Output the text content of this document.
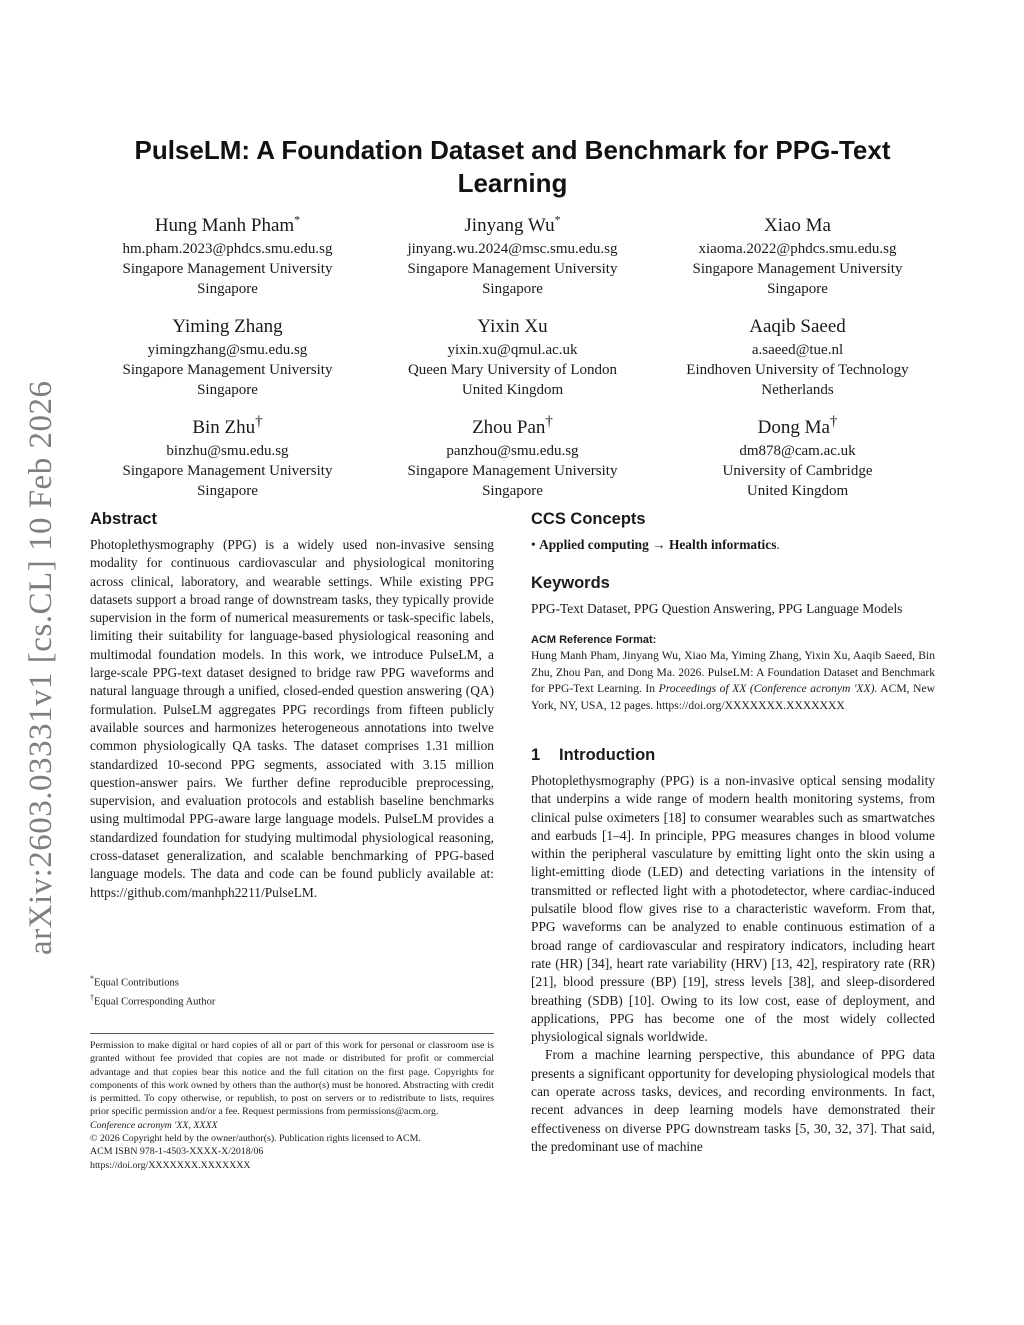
arXiv:2603.03331v1 [cs.CL] 10 Feb 2026
PulseLM: A Foundation Dataset and Benchmark for PPG-Text Learning
Hung Manh Pham*
hm.pham.2023@phdcs.smu.edu.sg
Singapore Management University
Singapore
Jinyang Wu*
jinyang.wu.2024@msc.smu.edu.sg
Singapore Management University
Singapore
Xiao Ma
xiaoma.2022@phdcs.smu.edu.sg
Singapore Management University
Singapore
Yiming Zhang
yimingzhang@smu.edu.sg
Singapore Management University
Singapore
Yixin Xu
yixin.xu@qmul.ac.uk
Queen Mary University of London
United Kingdom
Aaqib Saeed
a.saeed@tue.nl
Eindhoven University of Technology
Netherlands
Bin Zhu†
binzhu@smu.edu.sg
Singapore Management University
Singapore
Zhou Pan†
panzhou@smu.edu.sg
Singapore Management University
Singapore
Dong Ma†
dm878@cam.ac.uk
University of Cambridge
United Kingdom
Abstract

Photoplethysmography (PPG) is a widely used non-invasive sensing modality for continuous cardiovascular and physiological monitoring across clinical, laboratory, and wearable settings. While existing PPG datasets support a broad range of downstream tasks, they typically provide supervision in the form of numerical measurements or task-specific labels, limiting their suitability for language-based physiological reasoning and multimodal foundation models. In this work, we introduce PulseLM, a large-scale PPG-text dataset designed to bridge raw PPG waveforms and natural language through a unified, closed-ended question answering (QA) formulation. PulseLM aggregates PPG recordings from fifteen publicly available sources and harmonizes heterogeneous annotations into twelve common physiologically QA tasks. The dataset comprises 1.31 million standardized 10-second PPG segments, associated with 3.15 million question-answer pairs. We further define reproducible preprocessing, supervision, and evaluation protocols and establish baseline benchmarks using multimodal PPG-aware large language models. PulseLM provides a standardized foundation for studying multimodal physiological reasoning, cross-dataset generalization, and scalable benchmarking of PPG-based language models. The data and code can be found publicly available at: https://github.com/manhph2211/PulseLM.

*Equal Contributions
†Equal Corresponding Author
Permission to make digital or hard copies of all or part of this work for personal or classroom use is granted without fee provided that copies are not made or distributed for profit or commercial advantage and that copies bear this notice and the full citation on the first page. Copyrights for components of this work owned by others than the author(s) must be honored. Abstracting with credit is permitted. To copy otherwise, or republish, to post on servers or to redistribute to lists, requires prior specific permission and/or a fee. Request permissions from permissions@acm.org.
Conference acronym 'XX, XXXX
© 2026 Copyright held by the owner/author(s). Publication rights licensed to ACM.
ACM ISBN 978-1-4503-XXXX-X/2018/06
https://doi.org/XXXXXXX.XXXXXXX
CCS Concepts
• Applied computing → Health informatics.
Keywords
PPG-Text Dataset, PPG Question Answering, PPG Language Models
ACM Reference Format:
Hung Manh Pham, Jinyang Wu, Xiao Ma, Yiming Zhang, Yixin Xu, Aaqib Saeed, Bin Zhu, Zhou Pan, and Dong Ma. 2026. PulseLM: A Foundation Dataset and Benchmark for PPG-Text Learning. In Proceedings of XX (Conference acronym 'XX). ACM, New York, NY, USA, 12 pages. https://doi.org/XXXXXXX.XXXXXXX
1 Introduction

Photoplethysmography (PPG) is a non-invasive optical sensing modality that underpins a wide range of modern health monitoring systems, from clinical pulse oximeters [18] to consumer wearables such as smartwatches and earbuds [1–4]. In principle, PPG measures changes in blood volume within the peripheral vasculature by emitting light onto the skin using a light-emitting diode (LED) and detecting variations in the intensity of transmitted or reflected light with a photodetector, where cardiac-induced pulsatile blood flow gives rise to a characteristic waveform. From that, PPG waveforms can be analyzed to enable continuous estimation of a broad range of cardiovascular and respiratory indicators, including heart rate (HR) [34], heart rate variability (HRV) [13, 42], respiratory rate (RR) [21], blood pressure (BP) [19], stress levels [38], and sleep-disordered breathing (SDB) [10]. Owing to its low cost, ease of deployment, and applications, PPG has become one of the most widely collected physiological signals worldwide.

From a machine learning perspective, this abundance of PPG data presents a significant opportunity for developing physiological models that can operate across tasks, devices, and recording environments. In fact, recent advances in deep learning models have demonstrated their effectiveness on diverse PPG downstream tasks [5, 30, 32, 37]. That said, the predominant use of machine
